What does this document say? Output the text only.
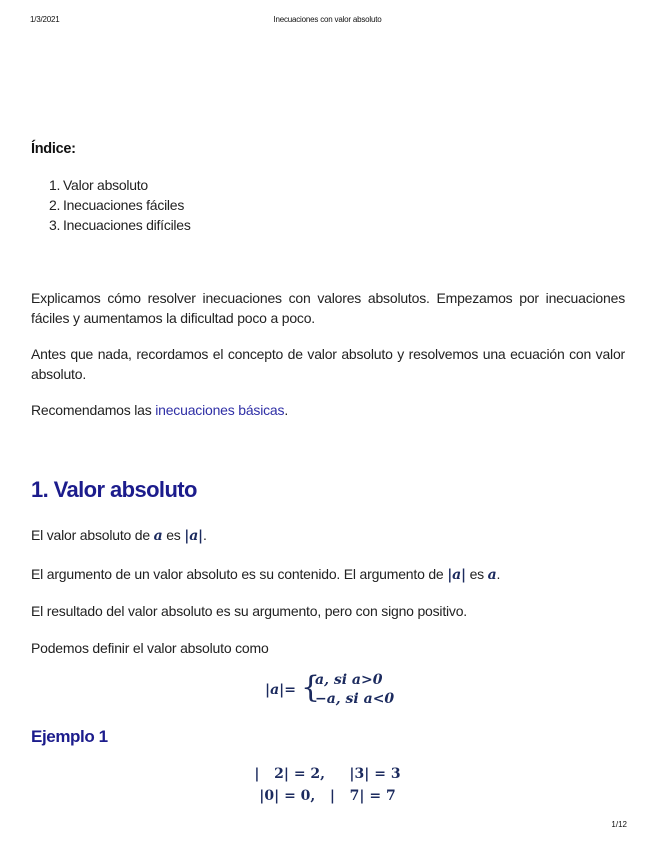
1/3/2021	Inecuaciones con valor absoluto
Índice:
1. Valor absoluto
2. Inecuaciones fáciles
3. Inecuaciones difíciles

Explicamos cómo resolver inecuaciones con valores absolutos. Empezamos por inecuaciones fáciles y aumentamos la dificultad poco a poco.

Antes que nada, recordamos el concepto de valor absoluto y resolvemos una ecuación con valor absoluto.

Recomendamos las inecuaciones básicas.

1. Valor absoluto

El valor absoluto de a es |a|.

El argumento de un valor absoluto es su contenido. El argumento de |a| es a.

El resultado del valor absoluto es su argumento, pero con signo positivo.

Podemos definir el valor absoluto como

|a|= {
a, si a>0
−a, si a<0
Ejemplo 1
|   2| = 2,     |3| = 3
|0| = 0,   |   7| = 7
1/12
